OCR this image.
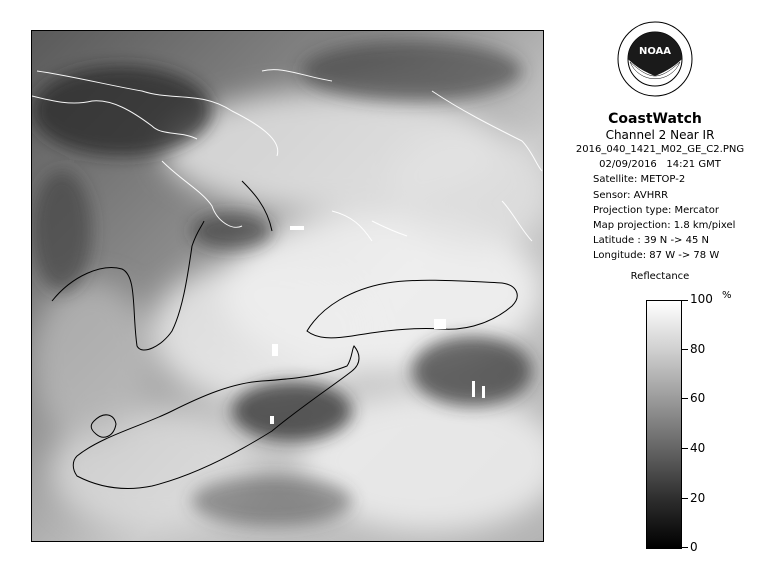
NOAA
CoastWatch
Channel 2 Near IR
2016_040_1421_M02_GE_C2.PNG
02/09/2016 14:21 GMT
Satellite: METOP-2
Sensor: AVHRR
Projection type: Mercator
Map projection: 1.8 km/pixel
Latitude : 39 N -> 45 N
Longitude: 87 W -> 78 W
Reflectance
%
100
80
60
40
20
0
